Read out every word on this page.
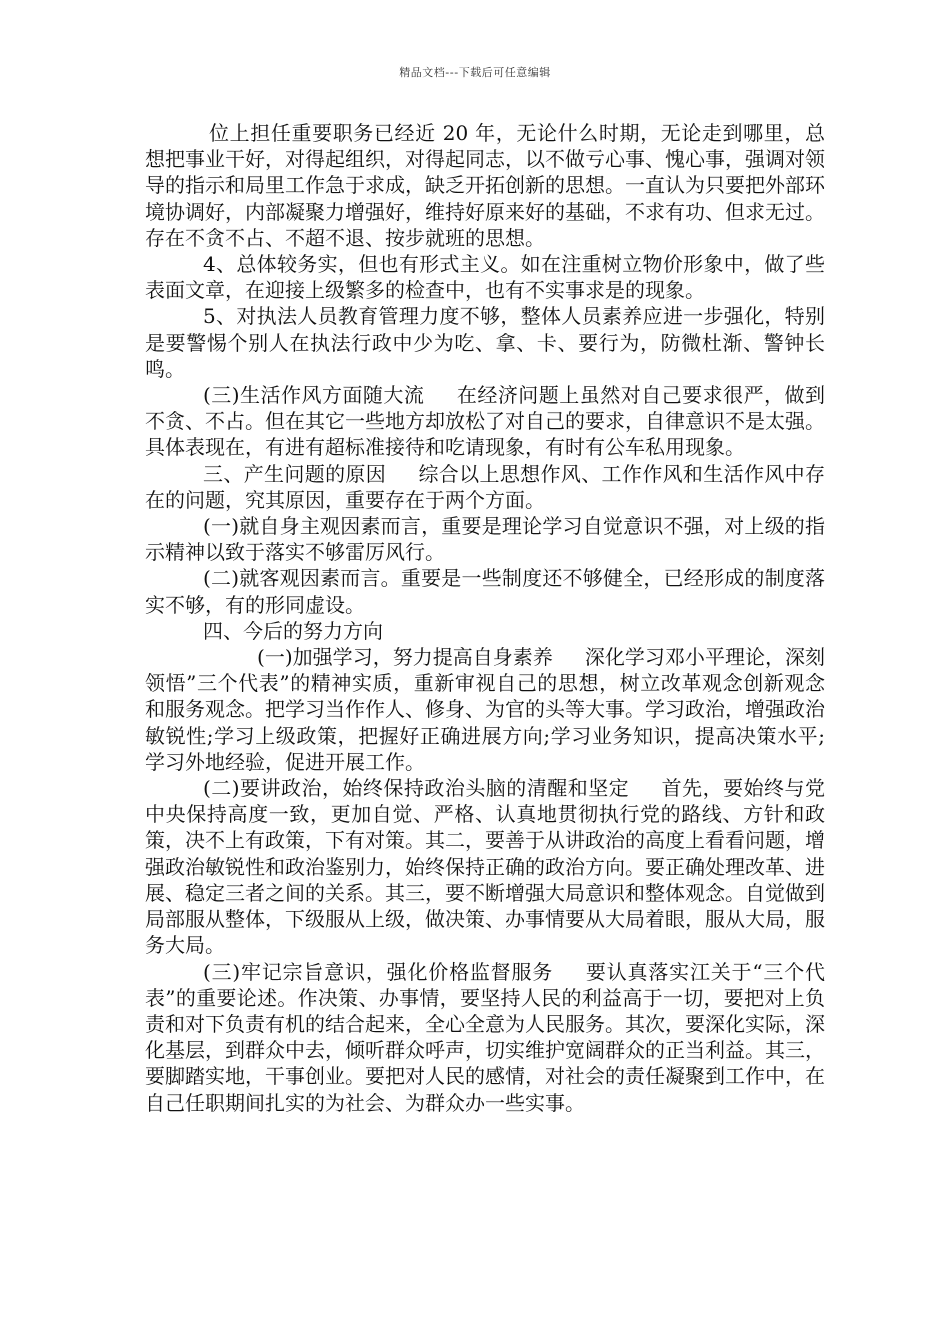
精品文档---下载后可任意编辑

位上担任重要职务已经近 20 年，无论什么时期，无论走到哪里，总想把事业干好，对得起组织，对得起同志，以不做亏心事、愧心事，强调对领导的指示和局里工作急于求成，缺乏开拓创新的思想。一直认为只要把外部环境协调好，内部凝聚力增强好，维持好原来好的基础，不求有功、但求无过。存在不贪不占、不超不退、按步就班的思想。

4、总体较务实，但也有形式主义。如在注重树立物价形象中，做了些表面文章，在迎接上级繁多的检查中，也有不实事求是的现象。

5、对执法人员教育管理力度不够，整体人员素养应进一步强化，特别是要警惕个别人在执法行政中少为吃、拿、卡、要行为，防微杜渐、警钟长鸣。

(三)生活作风方面随大流 在经济问题上虽然对自己要求很严，做到不贪、不占。但在其它一些地方却放松了对自己的要求，自律意识不是太强。具体表现在，有进有超标准接待和吃请现象，有时有公车私用现象。

三、产生问题的原因 综合以上思想作风、工作作风和生活作风中存在的问题，究其原因，重要存在于两个方面。

(一)就自身主观因素而言，重要是理论学习自觉意识不强，对上级的指示精神以致于落实不够雷厉风行。

(二)就客观因素而言。重要是一些制度还不够健全，已经形成的制度落实不够，有的形同虚设。

四、今后的努力方向

(一)加强学习，努力提高自身素养 深化学习邓小平理论，深刻领悟”三个代表”的精神实质，重新审视自己的思想，树立改革观念创新观念和服务观念。把学习当作作人、修身、为官的头等大事。学习政治，增强政治敏锐性;学习上级政策，把握好正确进展方向;学习业务知识，提高决策水平;学习外地经验，促进开展工作。

(二)要讲政治，始终保持政治头脑的清醒和坚定 首先，要始终与党中央保持高度一致，更加自觉、严格、认真地贯彻执行党的路线、方针和政策，决不上有政策，下有对策。其二，要善于从讲政治的高度上看看问题，增强政治敏锐性和政治鉴别力，始终保持正确的政治方向。要正确处理改革、进展、稳定三者之间的关系。其三，要不断增强大局意识和整体观念。自觉做到局部服从整体，下级服从上级，做决策、办事情要从大局着眼，服从大局，服务大局。

(三)牢记宗旨意识，强化价格监督服务 要认真落实江关于“三个代表”的重要论述。作决策、办事情，要坚持人民的利益高于一切，要把对上负责和对下负责有机的结合起来，全心全意为人民服务。其次，要深化实际，深化基层，到群众中去，倾听群众呼声，切实维护宽阔群众的正当利益。其三，要脚踏实地，干事创业。要把对人民的感情，对社会的责任凝聚到工作中，在自己任职期间扎实的为社会、为群众办一些实事。
